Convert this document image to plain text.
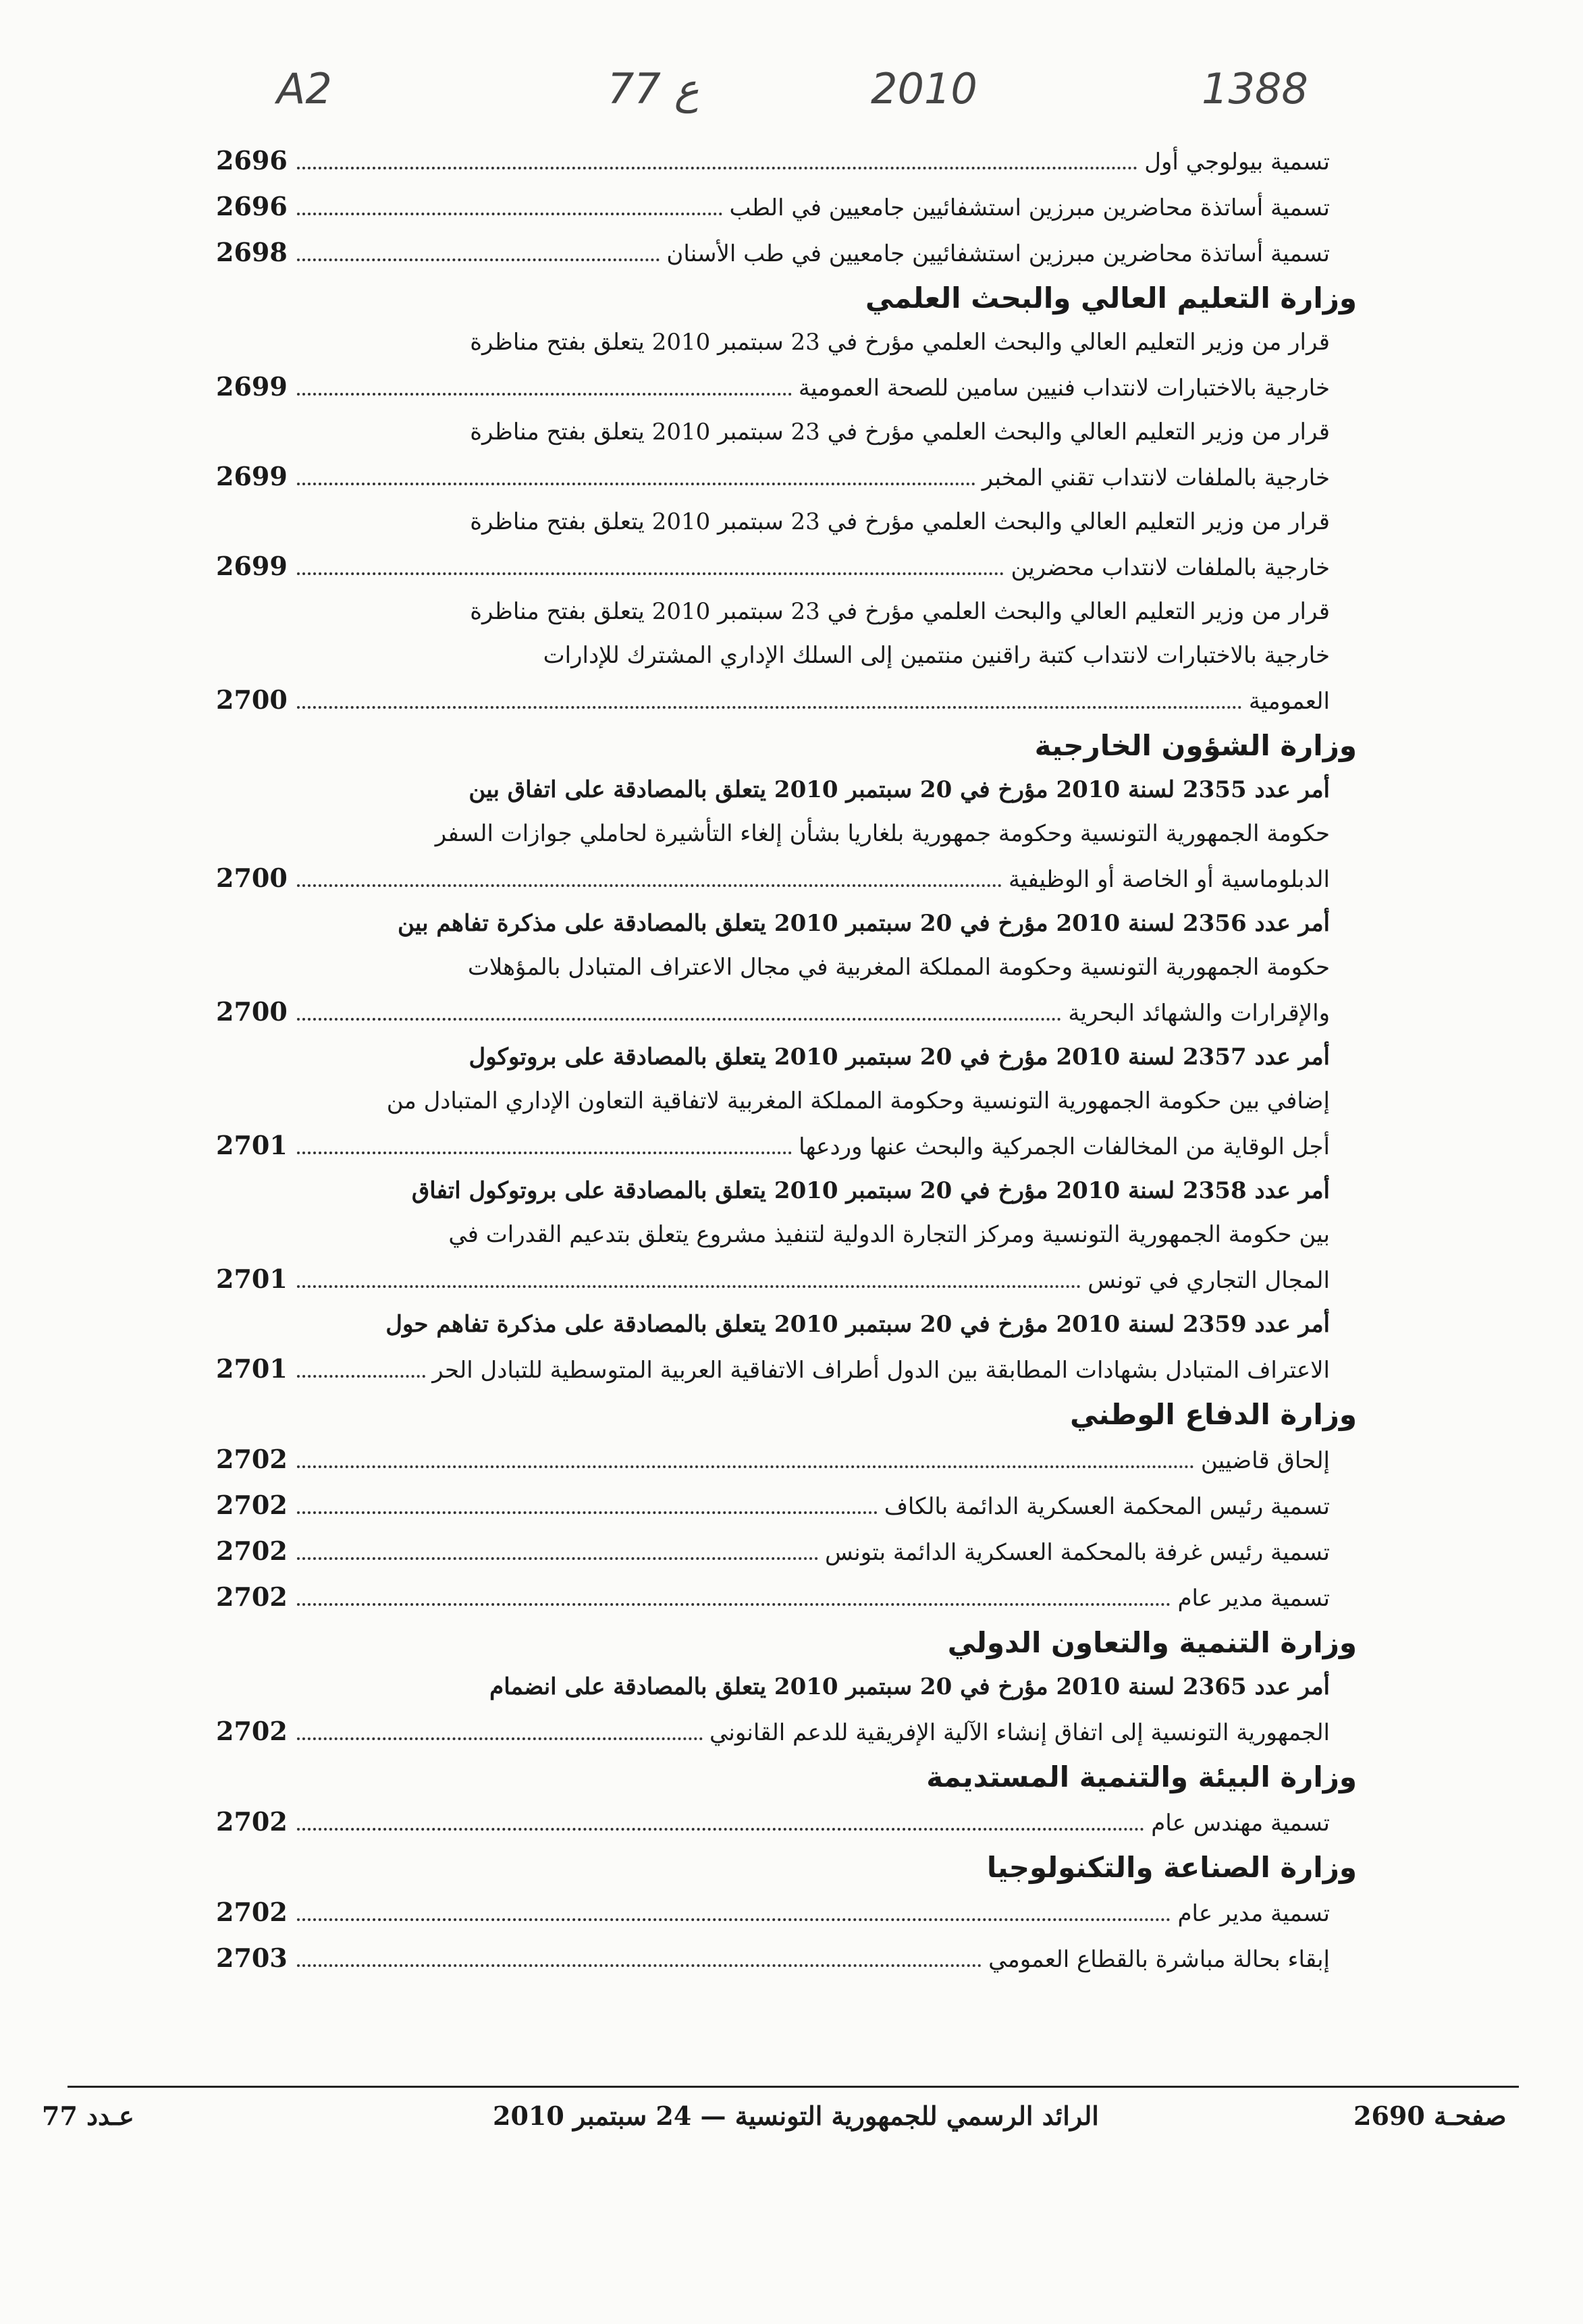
A2	77 ع	2010	1388
تسمية بيولوجي أول
2696
تسمية أساتذة محاضرين مبرزين استشفائيين جامعيين في الطب
2696
تسمية أساتذة محاضرين مبرزين استشفائيين جامعيين في طب الأسنان
2698
وزارة التعليم العالي والبحث العلمي
قرار من وزير التعليم العالي والبحث العلمي مؤرخ في 23 سبتمبر 2010 يتعلق بفتح مناظرة
خارجية بالاختبارات لانتداب فنيين سامين للصحة العمومية
2699
قرار من وزير التعليم العالي والبحث العلمي مؤرخ في 23 سبتمبر 2010 يتعلق بفتح مناظرة
خارجية بالملفات لانتداب تقني المخبر
2699
قرار من وزير التعليم العالي والبحث العلمي مؤرخ في 23 سبتمبر 2010 يتعلق بفتح مناظرة
خارجية بالملفات لانتداب محضرين
2699
قرار من وزير التعليم العالي والبحث العلمي مؤرخ في 23 سبتمبر 2010 يتعلق بفتح مناظرة
خارجية بالاختبارات لانتداب كتبة راقنين منتمين إلى السلك الإداري المشترك للإدارات
العمومية
2700
وزارة الشؤون الخارجية
أمر عدد 2355 لسنة 2010 مؤرخ في 20 سبتمبر 2010 يتعلق بالمصادقة على اتفاق بين
حكومة الجمهورية التونسية وحكومة جمهورية بلغاريا بشأن إلغاء التأشيرة لحاملي جوازات السفر
الدبلوماسية أو الخاصة أو الوظيفية
2700
أمر عدد 2356 لسنة 2010 مؤرخ في 20 سبتمبر 2010 يتعلق بالمصادقة على مذكرة تفاهم بين
حكومة الجمهورية التونسية وحكومة المملكة المغربية في مجال الاعتراف المتبادل بالمؤهلات
والإقرارات والشهائد البحرية
2700
أمر عدد 2357 لسنة 2010 مؤرخ في 20 سبتمبر 2010 يتعلق بالمصادقة على بروتوكول
إضافي بين حكومة الجمهورية التونسية وحكومة المملكة المغربية لاتفاقية التعاون الإداري المتبادل من
أجل الوقاية من المخالفات الجمركية والبحث عنها وردعها
2701
أمر عدد 2358 لسنة 2010 مؤرخ في 20 سبتمبر 2010 يتعلق بالمصادقة على بروتوكول اتفاق
بين حكومة الجمهورية التونسية ومركز التجارة الدولية لتنفيذ مشروع يتعلق بتدعيم القدرات في
المجال التجاري في تونس
2701
أمر عدد 2359 لسنة 2010 مؤرخ في 20 سبتمبر 2010 يتعلق بالمصادقة على مذكرة تفاهم حول
الاعتراف المتبادل بشهادات المطابقة بين الدول أطراف الاتفاقية العربية المتوسطية للتبادل الحر
2701
وزارة الدفاع الوطني
إلحاق قاضيين
2702
تسمية رئيس المحكمة العسكرية الدائمة بالكاف
2702
تسمية رئيس غرفة بالمحكمة العسكرية الدائمة بتونس
2702
تسمية مدير عام
2702
وزارة التنمية والتعاون الدولي
أمر عدد 2365 لسنة 2010 مؤرخ في 20 سبتمبر 2010 يتعلق بالمصادقة على انضمام
الجمهورية التونسية إلى اتفاق إنشاء الآلية الإفريقية للدعم القانوني
2702
وزارة البيئة والتنمية المستديمة
تسمية مهندس عام
2702
وزارة الصناعة والتكنولوجيا
تسمية مدير عام
2702
إبقاء بحالة مباشرة بالقطاع العمومي
2703
صفحـة 2690
الرائد الرسمي للجمهورية التونسية — 24 سبتمبر 2010
عـدد 77
